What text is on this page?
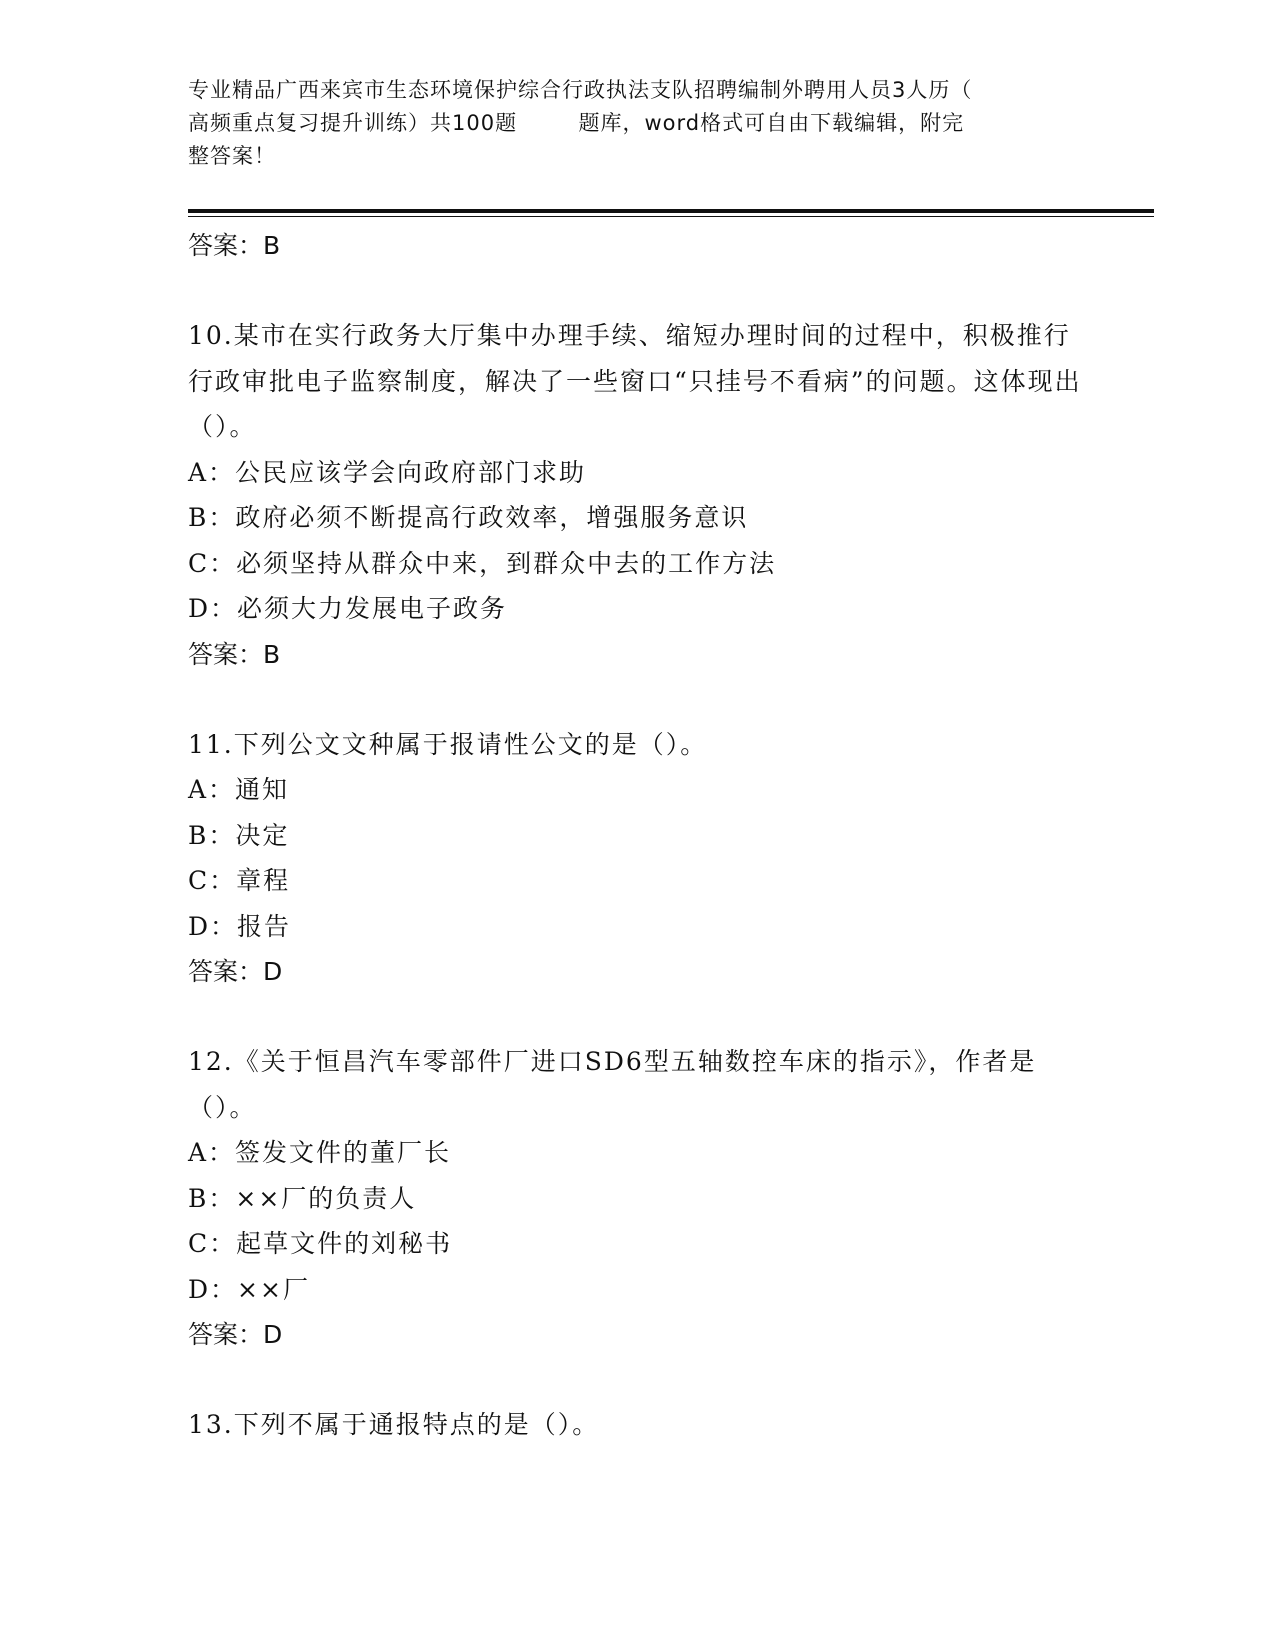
专业精品广西来宾市生态环境保护综合行政执法支队招聘编制外聘用人员3人历（
高频重点复习提升训练）共100题        题库，word格式可自由下载编辑，附完
整答案！
答案：B
10.某市在实行政务大厅集中办理手续、缩短办理时间的过程中，积极推行行政审批电子监察制度，解决了一些窗口“只挂号不看病”的问题。这体现出（）。
A：公民应该学会向政府部门求助
B：政府必须不断提高行政效率，增强服务意识
C：必须坚持从群众中来，到群众中去的工作方法
D：必须大力发展电子政务
答案：B
11.下列公文文种属于报请性公文的是（）。
A：通知
B：决定
C：章程
D：报告
答案：D
12.《关于恒昌汽车零部件厂进口SD6型五轴数控车床的指示》，作者是（）。
A：签发文件的董厂长
B：××厂的负责人
C：起草文件的刘秘书
D：××厂
答案：D
13.下列不属于通报特点的是（）。
